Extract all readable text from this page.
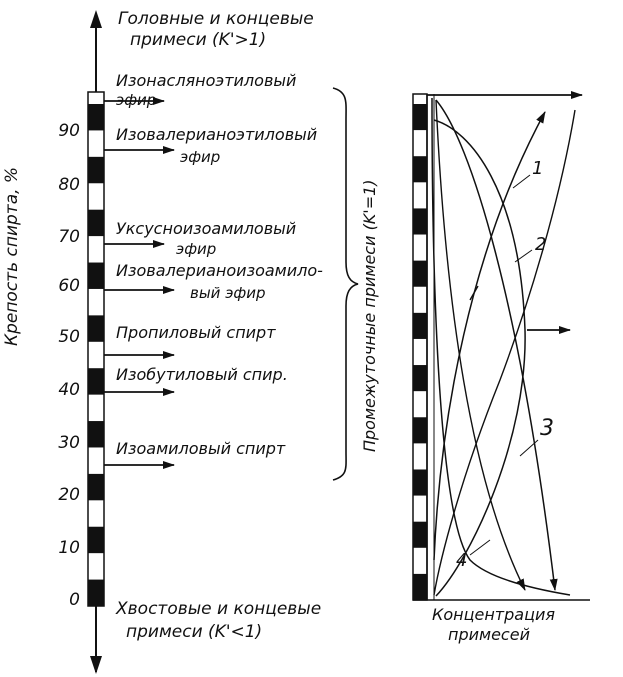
Головные и концевые
примеси (K'>1)
Хвостовые и концевые
примеси (K'<1)
Крепость спирта, %
90
80
70
60
50
40
30
20
10
0
Изонасляноэтиловый
эфир
Изовалерианоэтиловый
эфир
Уксусноизоамиловый
эфир
Изовалерианоизоамило-
вый эфир
Пропиловый спирт
Изобутиловый спир.
Изоамиловый спирт	Промежуточные примеси (K'=1)
1
2
3
4
Концентрация
примесей
